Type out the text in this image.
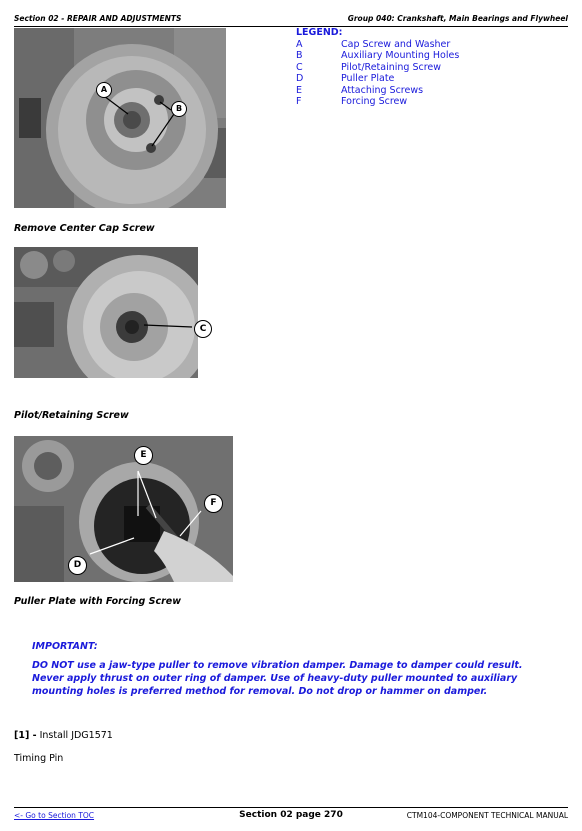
Section 02 - REPAIR AND ADJUSTMENTS	Group 040: Crankshaft, Main Bearings and Flywheel
A
B
LEGEND:
A	Cap Screw and Washer
B	Auxiliary Mounting Holes
C	Pilot/Retaining Screw
D	Puller Plate
E	Attaching Screws
F	Forcing Screw
Remove Center Cap Screw
C
Pilot/Retaining Screw
E
F
D
Puller Plate with Forcing Screw
IMPORTANT:
DO NOT use a jaw-type puller to remove vibration damper. Damage to damper could result. Never apply thrust on outer ring of damper. Use of heavy-duty puller mounted to auxiliary mounting holes is preferred method for removal. Do not drop or hammer on damper.
[1] - Install JDG1571
Timing Pin
<- Go to Section TOC	Section 02 page 270	CTM104-COMPONENT TECHNICAL MANUAL
